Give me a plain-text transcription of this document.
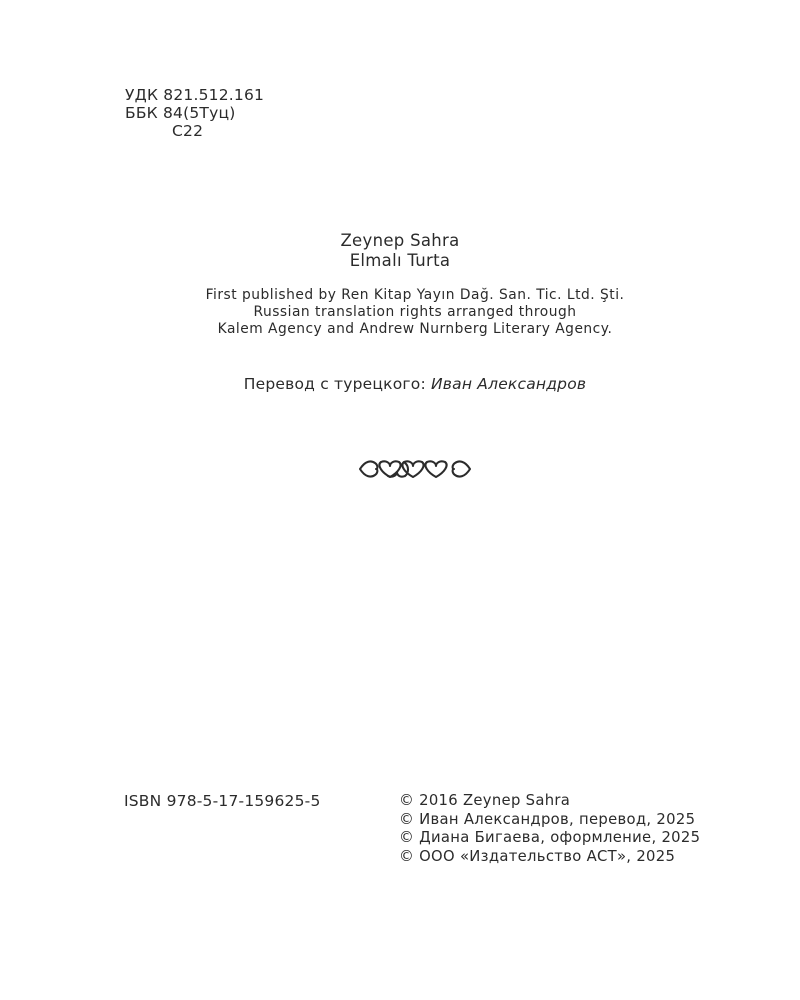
УДК 821.512.161
ББК 84(5Туц)
С22
Zeynep Sahra
Elmalı Turta
First published by Ren Kitap Yayın Dağ. San. Tic. Ltd. Şti.
Russian translation rights arranged through
Kalem Agency and Andrew Nurnberg Literary Agency.
Перевод с турецкого: Иван Александров
ISBN 978-5-17-159625-5	© 2016 Zeynep Sahra
© Иван Александров, перевод, 2025
© Диана Бигаева, оформление, 2025
© ООО «Издательство АСТ», 2025
